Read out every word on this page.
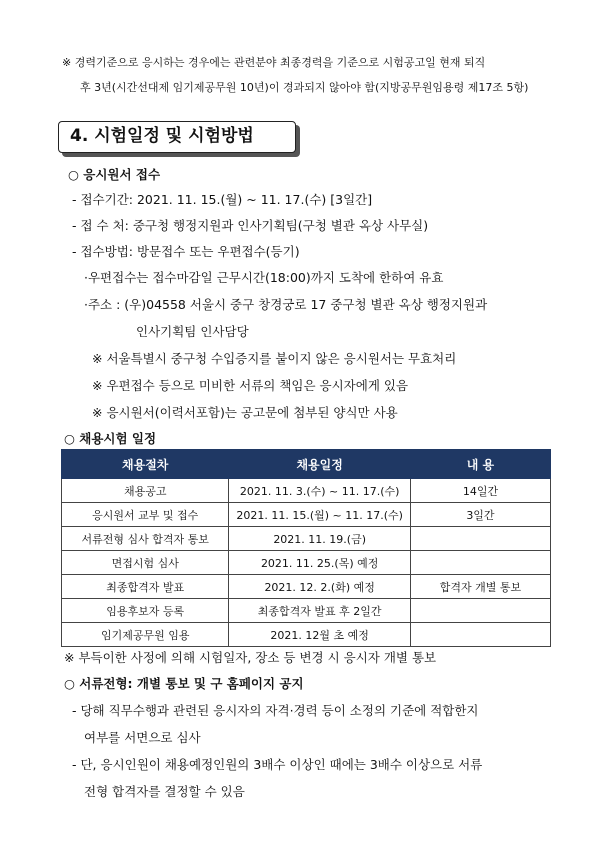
※ 경력기준으로 응시하는 경우에는 관련분야 최종경력을 기준으로 시험공고일 현재 퇴직
후 3년(시간선대제 임기제공무원 10년)이 경과되지 않아야 함(지방공무원임용령 제17조 5항)
4. 시험일정 및 시험방법
○ 응시원서 접수
- 접수기간: 2021. 11. 15.(월) ~ 11. 17.(수) [3일간]
- 접 수 처: 중구청 행정지원과 인사기획팀(구청 별관 옥상 사무실)
- 접수방법: 방문접수 또는 우편접수(등기)
·우편접수는 접수마감일 근무시간(18:00)까지 도착에 한하여 유효
·주소 : (우)04558 서울시 중구 창경궁로 17 중구청 별관 옥상 행정지원과
인사기획팀 인사담당
※ 서울특별시 중구청 수입증지를 붙이지 않은 응시원서는 무효처리
※ 우편접수 등으로 미비한 서류의 책임은 응시자에게 있음
※ 응시원서(이력서포함)는 공고문에 첨부된 양식만 사용
○ 채용시험 일정
채용절차	채용일정	내 용
채용공고	2021. 11. 3.(수) ~ 11. 17.(수)	14일간
응시원서 교부 및 접수	2021. 11. 15.(월) ~ 11. 17.(수)	3일간
서류전형 심사 합격자 통보	2021. 11. 19.(금)	
면접시험 심사	2021. 11. 25.(목) 예정	
최종합격자 발표	2021. 12. 2.(화) 예정	합격자 개별 통보
임용후보자 등록	최종합격자 발표 후 2일간	
임기제공무원 임용	2021. 12월 초 예정	
※ 부득이한 사정에 의해 시험일자, 장소 등 변경 시 응시자 개별 통보
○ 서류전형: 개별 통보 및 구 홈페이지 공지
- 당해 직무수행과 관련된 응시자의 자격·경력 등이 소정의 기준에 적합한지
여부를 서면으로 심사
- 단, 응시인원이 채용예정인원의 3배수 이상인 때에는 3배수 이상으로 서류
전형 합격자를 결정할 수 있음
